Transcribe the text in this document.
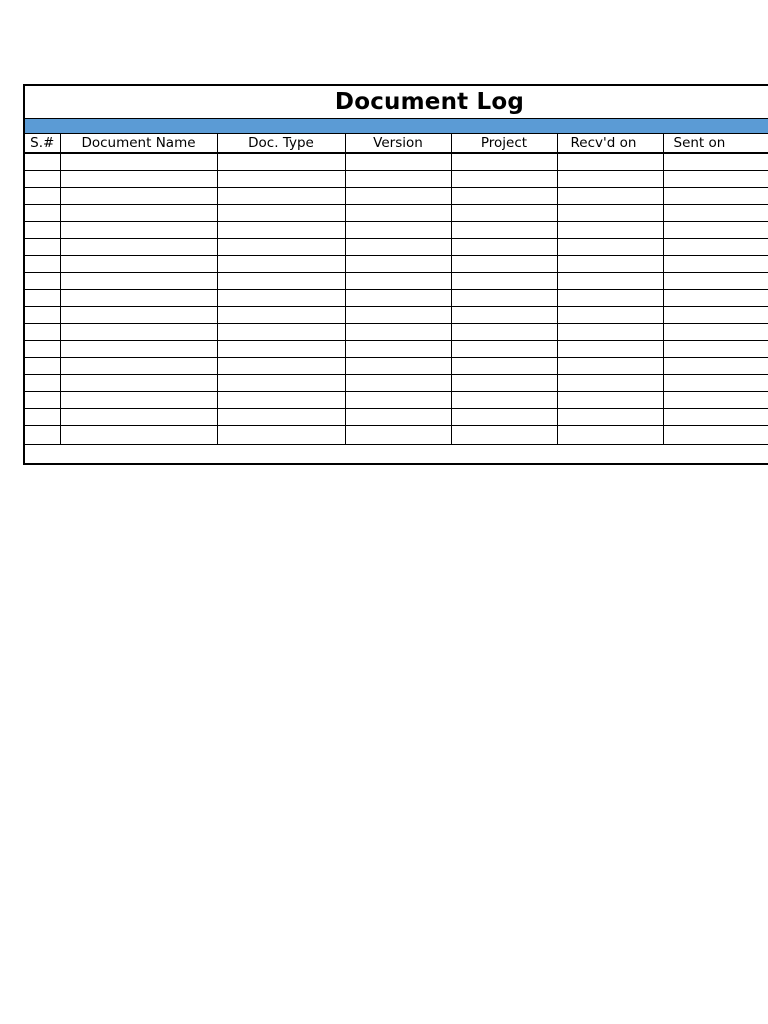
Document Log
S.#	Document Name	Doc. Type	Version	Project	Recv'd on	Sent on
